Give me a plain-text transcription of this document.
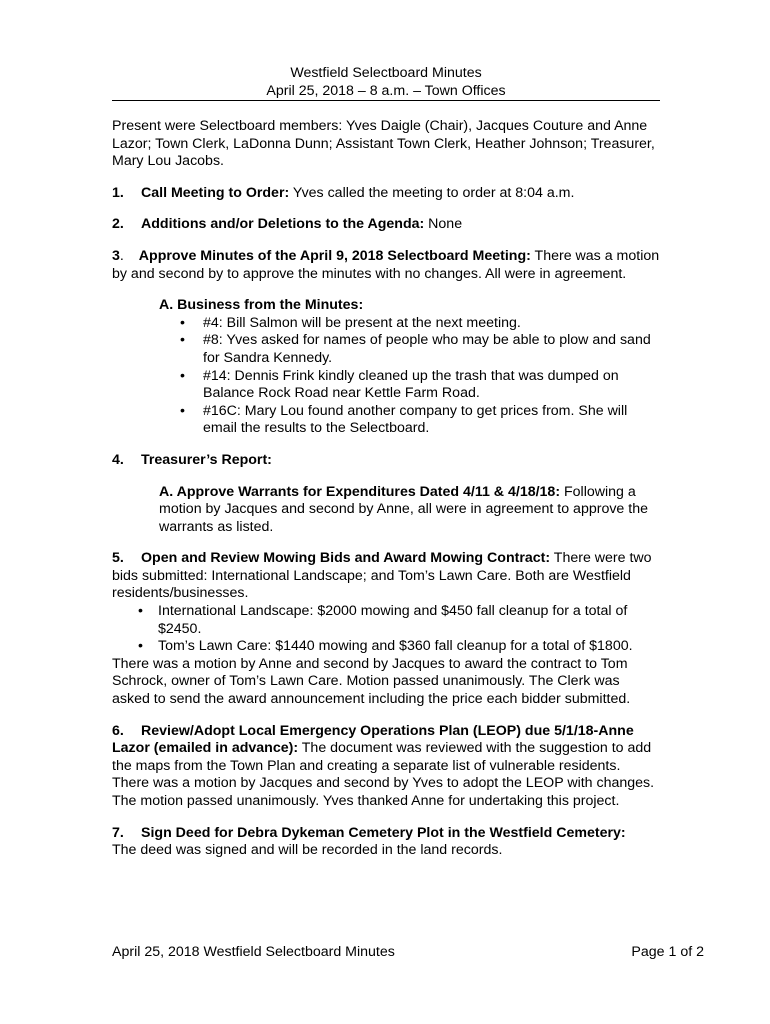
Westfield Selectboard Minutes
April 25, 2018 – 8 a.m. – Town Offices

Present were Selectboard members: Yves Daigle (Chair), Jacques Couture and Anne Lazor; Town Clerk, LaDonna Dunn; Assistant Town Clerk, Heather Johnson; Treasurer, Mary Lou Jacobs.

1. Call Meeting to Order: Yves called the meeting to order at 8:04 a.m.

2. Additions and/or Deletions to the Agenda: None

3. Approve Minutes of the April 9, 2018 Selectboard Meeting: There was a motion by and second by to approve the minutes with no changes. All were in agreement.

A. Business from the Minutes:

• #4: Bill Salmon will be present at the next meeting.
• #8: Yves asked for names of people who may be able to plow and sand for Sandra Kennedy.
• #14: Dennis Frink kindly cleaned up the trash that was dumped on Balance Rock Road near Kettle Farm Road.
• #16C: Mary Lou found another company to get prices from. She will email the results to the Selectboard.

4. Treasurer’s Report:

A. Approve Warrants for Expenditures Dated 4/11 & 4/18/18: Following a motion by Jacques and second by Anne, all were in agreement to approve the warrants as listed.

5. Open and Review Mowing Bids and Award Mowing Contract: There were two bids submitted: International Landscape; and Tom’s Lawn Care. Both are Westfield residents/businesses.

• International Landscape: $2000 mowing and $450 fall cleanup for a total of $2450.
• Tom’s Lawn Care: $1440 mowing and $360 fall cleanup for a total of $1800.

There was a motion by Anne and second by Jacques to award the contract to Tom Schrock, owner of Tom’s Lawn Care. Motion passed unanimously. The Clerk was asked to send the award announcement including the price each bidder submitted.

6. Review/Adopt Local Emergency Operations Plan (LEOP) due 5/1/18-Anne Lazor (emailed in advance): The document was reviewed with the suggestion to add the maps from the Town Plan and creating a separate list of vulnerable residents. There was a motion by Jacques and second by Yves to adopt the LEOP with changes. The motion passed unanimously. Yves thanked Anne for undertaking this project.

7. Sign Deed for Debra Dykeman Cemetery Plot in the Westfield Cemetery:
The deed was signed and will be recorded in the land records.

April 25, 2018 Westfield Selectboard Minutes	Page 1 of 2
